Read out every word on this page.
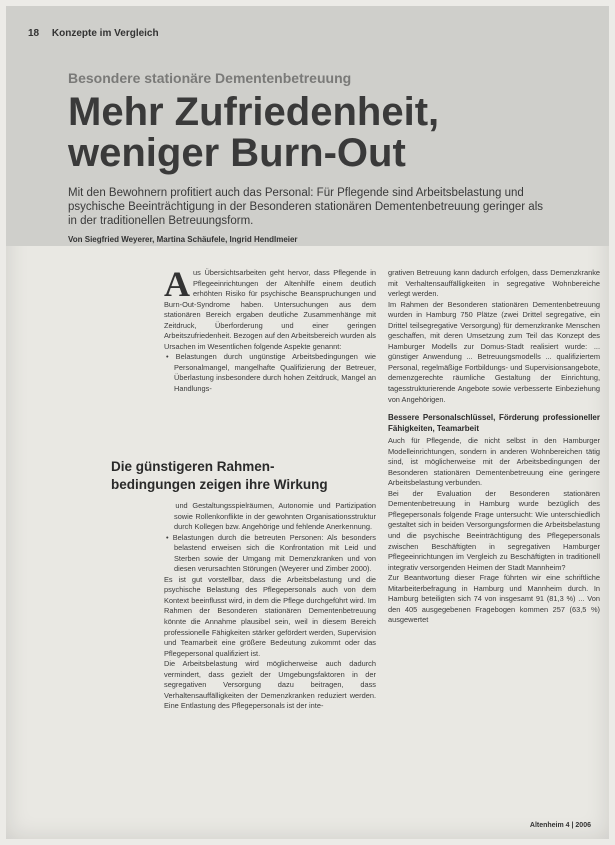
18 Konzepte im Vergleich
Besondere stationäre Dementenbetreuung
Mehr Zufriedenheit,
weniger Burn-Out
Mit den Bewohnern profitiert auch das Personal: Für Pflegende sind Arbeitsbelastung und psychische Beeinträchtigung in der Besonderen stationären Dementenbetreuung geringer als in der traditionellen Betreuungsform.
Von Siegfried Weyerer, Martina Schäufele, Ingrid Hendlmeier

Aus Übersichtsarbeiten geht hervor, dass Pflegende in Pflegeeinrichtungen der Altenhilfe einem deutlich erhöhten Risiko für psychische Beanspruchungen und Burn-Out-Syndrome haben. Untersuchungen aus dem stationären Bereich ergaben deutliche Zusammenhänge mit Zeitdruck, Überforderung und einer geringen Arbeitszufriedenheit. Bezogen auf den Arbeitsbereich wurden als Ursachen im Wesentlichen folgende Aspekte genannt:

• Belastungen durch ungünstige Arbeitsbedingungen wie Personalmangel, mangelhafte Qualifizierung der Betreuer, Überlastung insbesondere durch hohen Zeitdruck, Mangel an Handlungs-

Die günstigeren Rahmen-
bedingungen zeigen ihre Wirkung

und Gestaltungsspielräumen, Autonomie und Partizipation sowie Rollenkonflikte in der gewohnten Organisationsstruktur durch Kollegen bzw. Angehörige und fehlende Anerkennung.

• Belastungen durch die betreuten Personen: Als besonders belastend erweisen sich die Konfrontation mit Leid und Sterben sowie der Umgang mit Demenzkranken und von diesen verursachten Störungen (Weyerer und Zimber 2000).

Es ist gut vorstellbar, dass die Arbeitsbelastung und die psychische Belastung des Pflegepersonals auch von dem Kontext beeinflusst wird, in dem die Pflege durchgeführt wird. Im Rahmen der Besonderen stationären Dementenbetreuung könnte die Annahme plausibel sein, weil in diesem Bereich professionelle Fähigkeiten stärker gefördert werden, Supervision und Teamarbeit eine größere Bedeutung zukommt oder das Pflegepersonal qualifiziert ist.

Die Arbeitsbelastung wird möglicherweise auch dadurch vermindert, dass gezielt der Umgebungsfaktoren in der segregativen Versorgung dazu beitragen, dass Verhaltensauffälligkeiten der Demenzkranken reduziert werden. Eine Entlastung des Pflegepersonals ist der inte-

grativen Betreuung kann dadurch erfolgen, dass Demenzkranke mit Verhaltensauffälligkeiten in segregative Wohnbereiche verlegt werden.

Im Rahmen der Besonderen stationären Dementenbetreuung wurden in Hamburg 750 Plätze (zwei Drittel segregative, ein Drittel teilsegregative Versorgung) für demenzkranke Menschen geschaffen, mit deren Umsetzung zum Teil das Konzept des Hamburger Modells zur Domus-Stadt realisiert wurde: ... günstiger Anwendung ... Betreuungsmodells ... qualifiziertem Personal, regelmäßige Fortbildungs- und Supervisionsangebote, demenzgerechte räumliche Gestaltung der Einrichtung, tagesstrukturierende Angebote sowie verbesserte Einbeziehung von Angehörigen.

Bessere Personalschlüssel, Förderung professioneller Fähigkeiten, Teamarbeit

Auch für Pflegende, die nicht selbst in den Hamburger Modelleinrichtungen, sondern in anderen Wohnbereichen tätig sind, ist möglicherweise mit der Arbeitsbedingungen der Besonderen stationären Dementenbetreuung eine geringere Arbeitsbelastung verbunden.

Bei der Evaluation der Besonderen stationären Dementenbetreuung in Hamburg wurde bezüglich des Pflegepersonals folgende Frage untersucht: Wie unterschiedlich gestaltet sich in beiden Versorgungsformen die Arbeitsbelastung und die psychische Beeinträchtigung des Pflegepersonals zwischen Beschäftigten in segregativen Hamburger Pflegeeinrichtungen im Vergleich zu Beschäftigten in traditionell integrativ versorgenden Heimen der Stadt Mannheim?

Zur Beantwortung dieser Frage führten wir eine schriftliche Mitarbeiterbefragung in Hamburg und Mannheim durch. In Hamburg beteiligten sich 74 von insgesamt 91 (81,3 %) ... Von den 405 ausgegebenen Fragebogen kommen 257 (63,5 %) ausgewertet

Altenheim 4 | 2006
